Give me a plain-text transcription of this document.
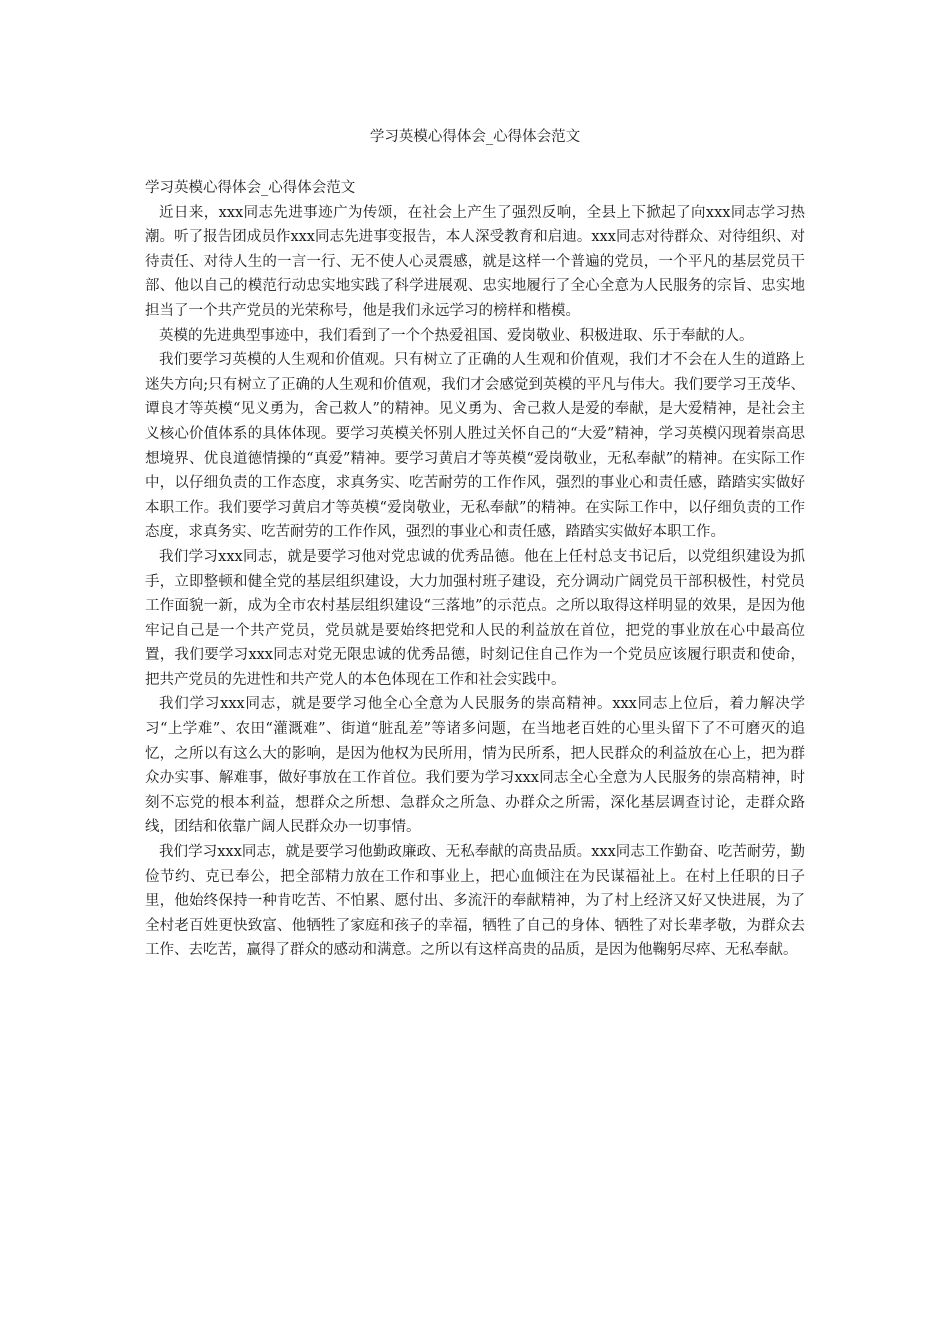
学习英模心得体会_心得体会范文

学习英模心得体会_心得体会范文

近日来，xxx同志先进事迹广为传颂，在社会上产生了强烈反响，全县上下掀起了向xxx同志学习热潮。听了报告团成员作xxx同志先进事变报告，本人深受教育和启迪。xxx同志对待群众、对待组织、对待责任、对待人生的一言一行、无不使人心灵震感，就是这样一个普遍的党员，一个平凡的基层党员干部、他以自己的模范行动忠实地实践了科学进展观、忠实地履行了全心全意为人民服务的宗旨、忠实地担当了一个共产党员的光荣称号，他是我们永远学习的榜样和楷模。

英模的先进典型事迹中，我们看到了一个个热爱祖国、爱岗敬业、积极进取、乐于奉献的人。

我们要学习英模的人生观和价值观。只有树立了正确的人生观和价值观，我们才不会在人生的道路上迷失方向;只有树立了正确的人生观和价值观，我们才会感觉到英模的平凡与伟大。我们要学习王茂华、谭良才等英模“见义勇为，舍己救人”的精神。见义勇为、舍己救人是爱的奉献，是大爱精神，是社会主义核心价值体系的具体体现。要学习英模关怀别人胜过关怀自己的“大爱”精神，学习英模闪现着崇高思想境界、优良道德情操的“真爱”精神。要学习黄启才等英模“爱岗敬业，无私奉献”的精神。在实际工作中，以仔细负责的工作态度，求真务实、吃苦耐劳的工作作风，强烈的事业心和责任感，踏踏实实做好本职工作。我们要学习黄启才等英模“爱岗敬业，无私奉献”的精神。在实际工作中，以仔细负责的工作态度，求真务实、吃苦耐劳的工作作风，强烈的事业心和责任感，踏踏实实做好本职工作。

我们学习xxx同志，就是要学习他对党忠诚的优秀品德。他在上任村总支书记后，以党组织建设为抓手，立即整顿和健全党的基层组织建设，大力加强村班子建设，充分调动广阔党员干部积极性，村党员工作面貌一新，成为全市农村基层组织建设“三落地”的示范点。之所以取得这样明显的效果，是因为他牢记自己是一个共产党员，党员就是要始终把党和人民的利益放在首位，把党的事业放在心中最高位置，我们要学习xxx同志对党无限忠诚的优秀品德，时刻记住自己作为一个党员应该履行职责和使命，把共产党员的先进性和共产党人的本色体现在工作和社会实践中。

我们学习xxx同志，就是要学习他全心全意为人民服务的崇高精神。xxx同志上位后，着力解决学习“上学难”、农田“灌溉难”、街道“脏乱差”等诸多问题，在当地老百姓的心里头留下了不可磨灭的追忆，之所以有这么大的影响，是因为他权为民所用，情为民所系，把人民群众的利益放在心上，把为群众办实事、解难事，做好事放在工作首位。我们要为学习xxx同志全心全意为人民服务的崇高精神，时刻不忘党的根本利益，想群众之所想、急群众之所急、办群众之所需，深化基层调查讨论，走群众路线，团结和依靠广阔人民群众办一切事情。

我们学习xxx同志，就是要学习他勤政廉政、无私奉献的高贵品质。xxx同志工作勤奋、吃苦耐劳，勤俭节约、克已奉公，把全部精力放在工作和事业上，把心血倾注在为民谋福祉上。在村上任职的日子里，他始终保持一种肯吃苦、不怕累、愿付出、多流汗的奉献精神，为了村上经济又好又快进展，为了全村老百姓更快致富、他牺牲了家庭和孩子的幸福，牺牲了自己的身体、牺牲了对长辈孝敬，为群众去工作、去吃苦，赢得了群众的感动和满意。之所以有这样高贵的品质，是因为他鞠躬尽瘁、无私奉献。
